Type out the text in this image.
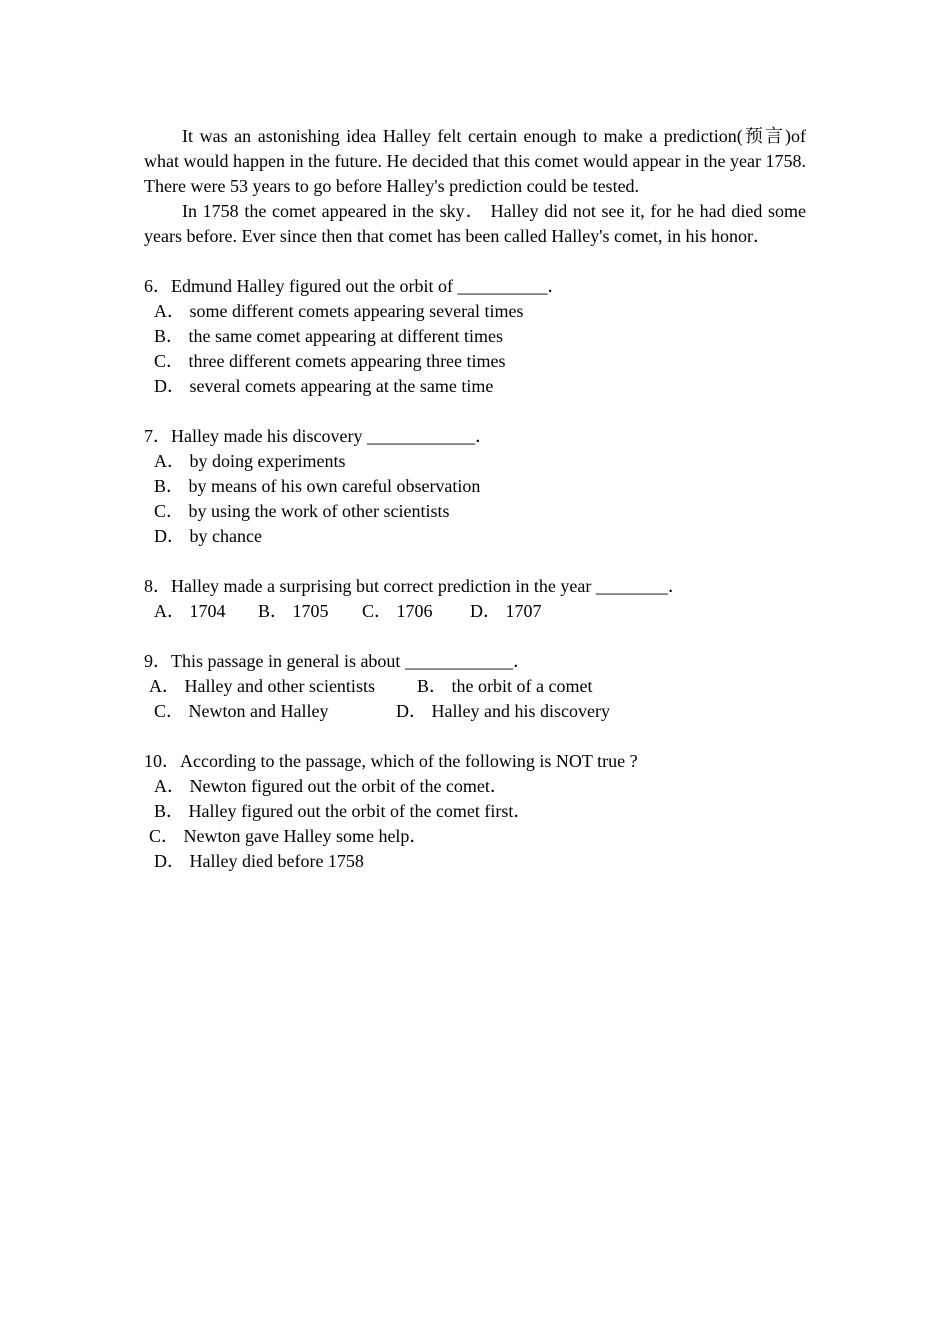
It was an astonishing idea Halley felt certain enough to make a prediction(预言)of what would happen in the future. He decided that this comet would appear in the year 1758. There were 53 years to go before Halley's prediction could be tested.

In 1758 the comet appeared in the sky． Halley did not see it, for he had died some years before. Ever since then that comet has been called Halley's comet, in his honor．

6．Edmund Halley figured out the orbit of __________．
A． some different comets appearing several times
B． the same comet appearing at different times
C． three different comets appearing three times
D． several comets appearing at the same time
7．Halley made his discovery ____________．
A． by doing experiments
B． by means of his own careful observation
C． by using the work of other scientists
D． by chance
8．Halley made a surprising but correct prediction in the year ________．
A． 1704 B． 1705 C． 1706 D． 1707
9．This passage in general is about ____________．
A． Halley and other scientists B． the orbit of a comet
C． Newton and Halley	D． Halley and his discovery
10．According to the passage, which of the following is NOT true ?
A． Newton figured out the orbit of the comet．
B． Halley figured out the orbit of the comet first．
C． Newton gave Halley some help．
D． Halley died before 1758
